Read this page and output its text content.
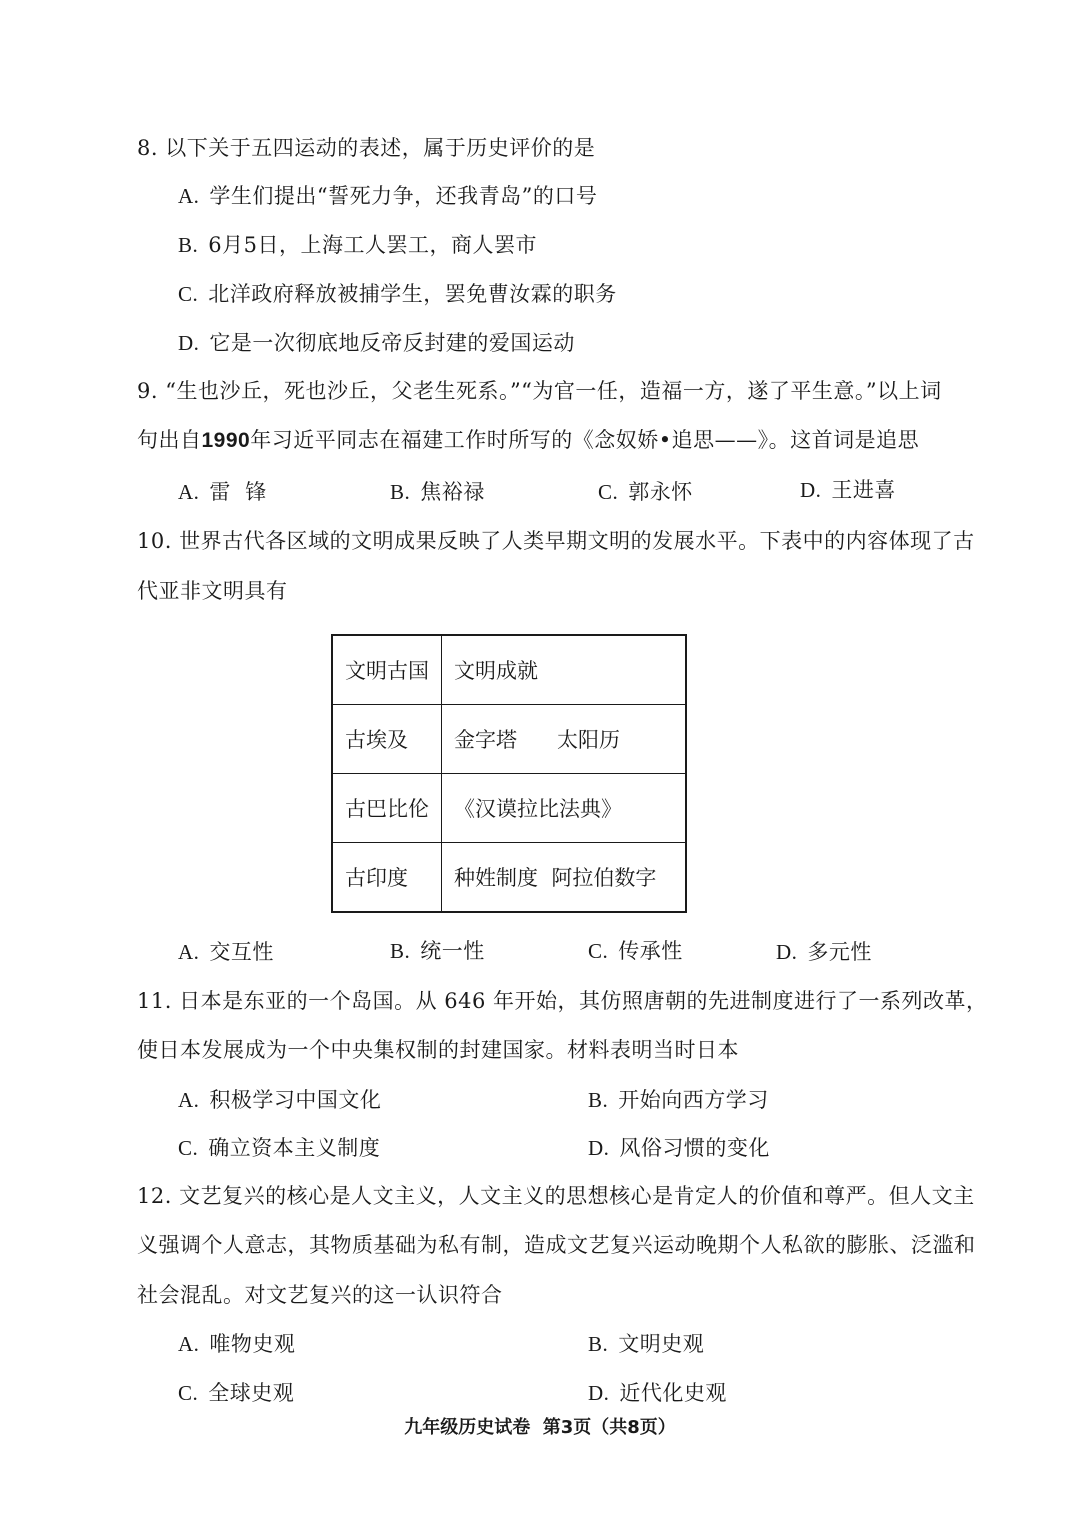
8. 以下关于五四运动的表述，属于历史评价的是
A. 学生们提出“誓死力争，还我青岛”的口号
B. 6月5日，上海工人罢工，商人罢市
C. 北洋政府释放被捕学生，罢免曹汝霖的职务
D. 它是一次彻底地反帝反封建的爱国运动
9. “生也沙丘，死也沙丘，父老生死系。”“为官一任，造福一方，遂了平生意。”以上词
句出自1990年习近平同志在福建工作时所写的《念奴娇•追思——》。这首词是追思
A. 雷  锋	B. 焦裕禄	C. 郭永怀	D. 王进喜
10. 世界古代各区域的文明成果反映了人类早期文明的发展水平。下表中的内容体现了古
代亚非文明具有
文明古国	文明成就
古埃及	金字塔      太阳历
古巴比伦	《汉谟拉比法典》
古印度	种姓制度  阿拉伯数字
A. 交互性	B. 统一性	C. 传承性	D. 多元性
11. 日本是东亚的一个岛国。从 646 年开始，其仿照唐朝的先进制度进行了一系列改革，
使日本发展成为一个中央集权制的封建国家。材料表明当时日本
A. 积极学习中国文化	B. 开始向西方学习
C. 确立资本主义制度	D. 风俗习惯的变化
12. 文艺复兴的核心是人文主义，人文主义的思想核心是肯定人的价值和尊严。但人文主
义强调个人意志，其物质基础为私有制，造成文艺复兴运动晚期个人私欲的膨胀、泛滥和
社会混乱。对文艺复兴的这一认识符合
A. 唯物史观	B. 文明史观
C. 全球史观	D. 近代化史观
九年级历史试卷  第3页（共8页）
